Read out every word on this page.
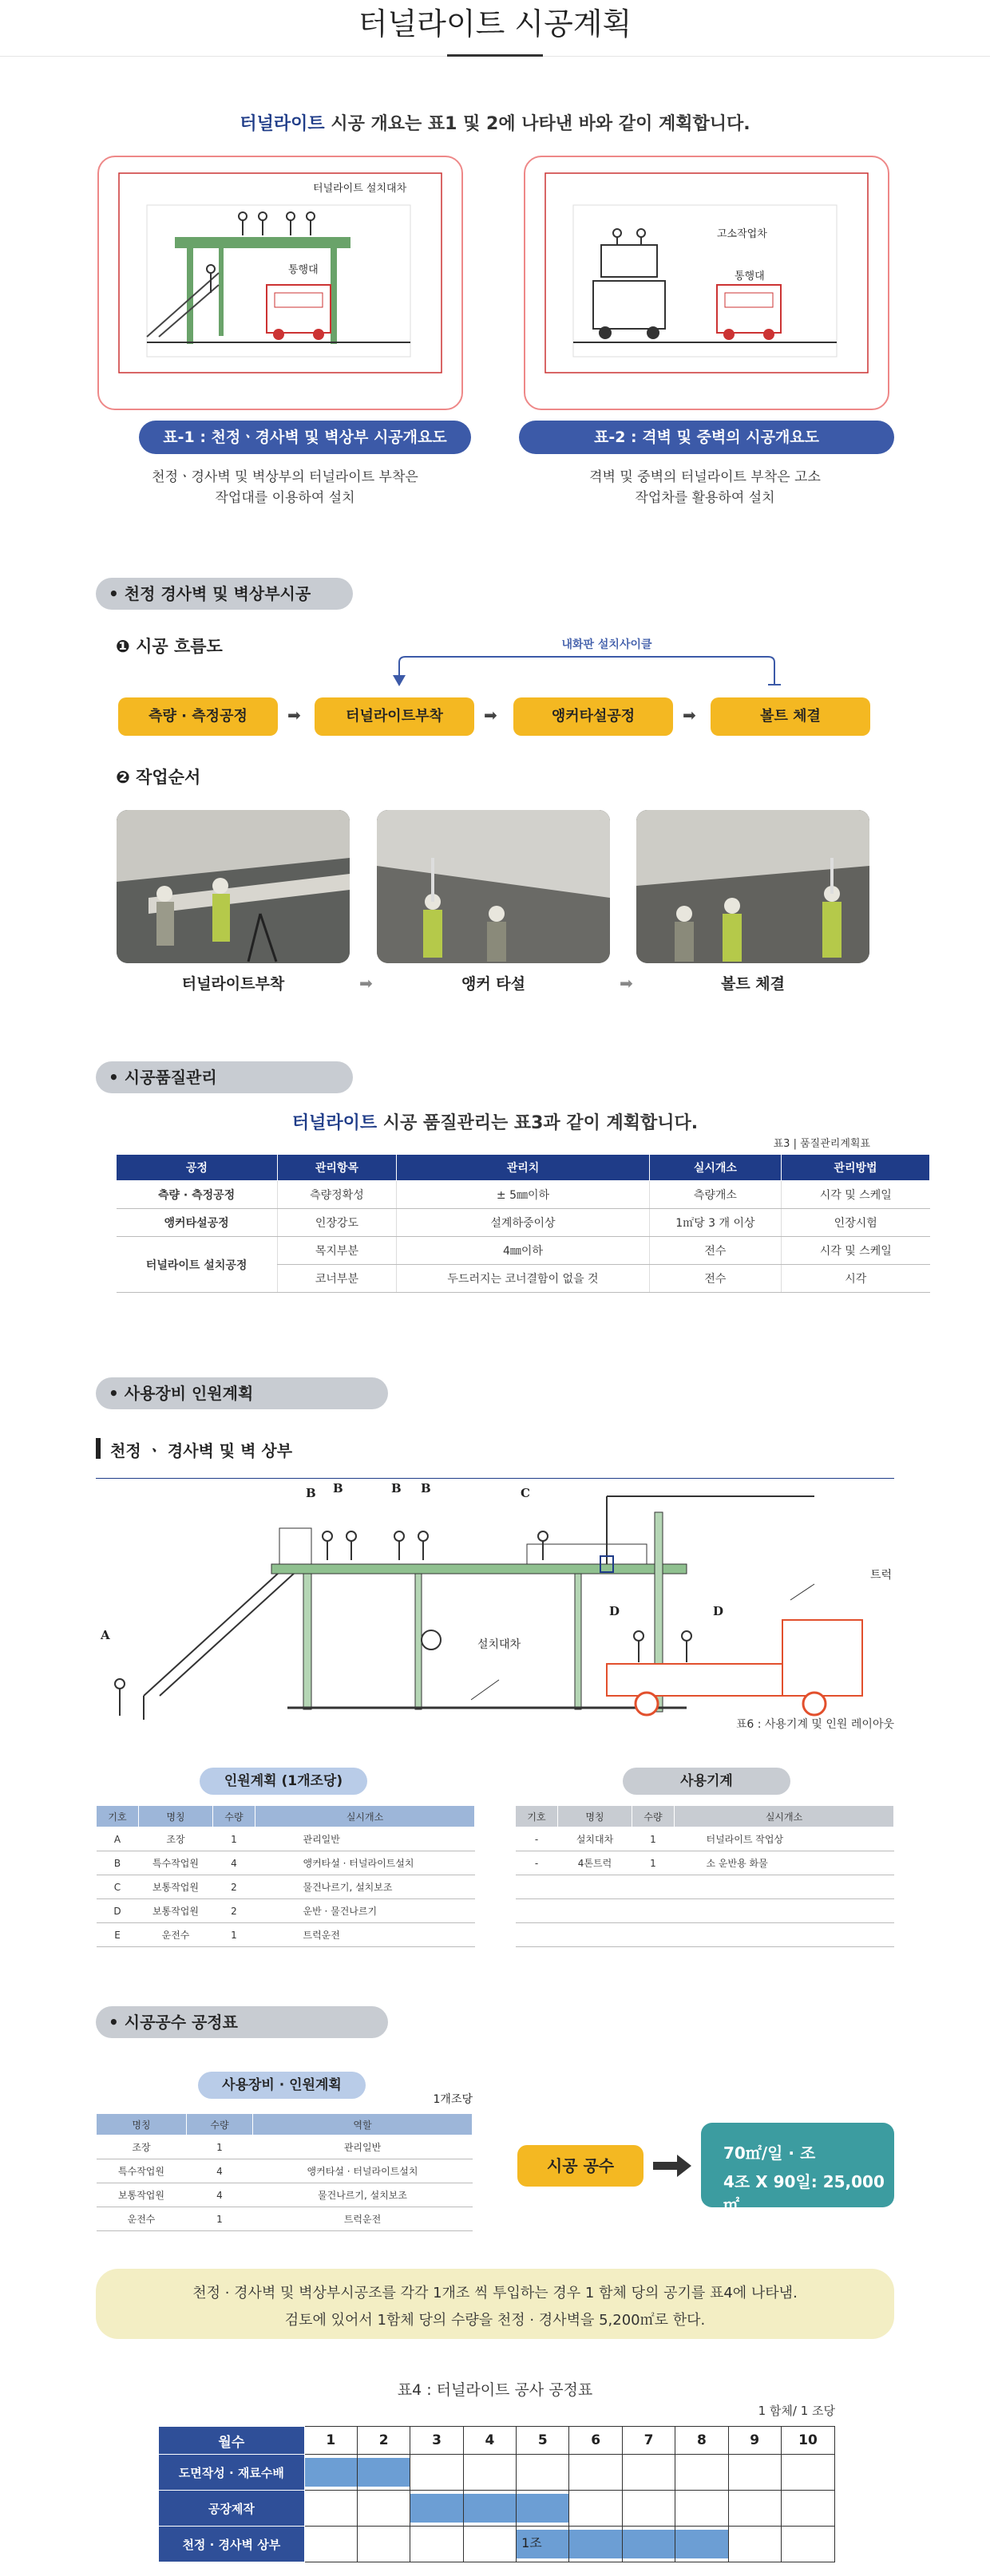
터널라이트 시공계획
터널라이트 시공 개요는 표1 및 2에 나타낸 바와 같이 계획합니다.
터널라이트 설치대차
통행대
표-1 : 천정ㆍ경사벽 및 벽상부 시공개요도
천정ㆍ경사벽 및 벽상부의 터널라이트 부착은
작업대를 이용하여 설치
고소작업차
통행대
표-2 : 격벽 및 중벽의 시공개요도
격벽 및 중벽의 터널라이트 부착은 고소
작업차를 활용하여 설치
• 천정 경사벽 및 벽상부시공
❶ 시공 흐름도	내화판 설치사이클
측량 · 측정공정	➡	터널라이트부착	➡	앵커타설공정	➡	볼트 체결
❷ 작업순서
터널라이트부착	➡	앵커 타설	➡	볼트 체결
• 시공품질관리
터널라이트 시공 품질관리는 표3과 같이 계획합니다.
표3 | 품질관리계획표
공정	관리항목	관리치	실시개소	관리방법
측량 · 측정공정	측량정확성	± 5㎜이하	측량개소	시각 및 스케일
앵커타설공정	인장강도	설계하중이상	1㎡당 3 개 이상	인장시험
터널라이트 설치공정	목지부분	4㎜이하	전수	시각 및 스케일
	코너부분	두드러지는 코너결함이 없을 것	전수	시각
• 사용장비 인원계획
천정 ㆍ 경사벽 및 벽 상부
A
B B	B B	C
D	D
설치대차
트럭
표6 : 사용기계 및 인원 레이아웃
인원계획 (1개조당)	사용기계
기호	명칭	수량	실시개소
A	조장	1	관리일반
B	특수작업원	4	앵커타설 · 터널라이트설치
C	보통작업원	2	물건나르기, 설치보조
D	보통작업원	2	운반 · 물건나르기
E	운전수	1	트럭운전
기호	명칭	수량	실시개소
-	설치대차	1	터널라이트 작업상
-	4톤트럭	1	소 운반용 화물

• 시공공수 공정표
사용장비 · 인원계획
1개조당
명칭	수량	역할
조장	1	관리일반
특수작업원	4	앵커타설 · 터널라이트설치
보통작업원	4	물건나르기, 설치보조
운전수	1	트럭운전
시공 공수
70㎡/일 · 조
4조 X 90일: 25,000㎡
천정 · 경사벽 및 벽상부시공조를 각각 1개조 씩 투입하는 경우 1 함체 당의 공기를 표4에 나타냄.
검토에 있어서 1함체 당의 수량을 천정 · 경사벽을 5,200㎡로 한다.
표4 : 터널라이트 공사 공정표
1 함체/ 1 조당
월수	1	2	3	4	5	6	7	8	9	10
도면작성 · 재료수배	

공장제작			

천정 · 경사벽 상부					1조					
